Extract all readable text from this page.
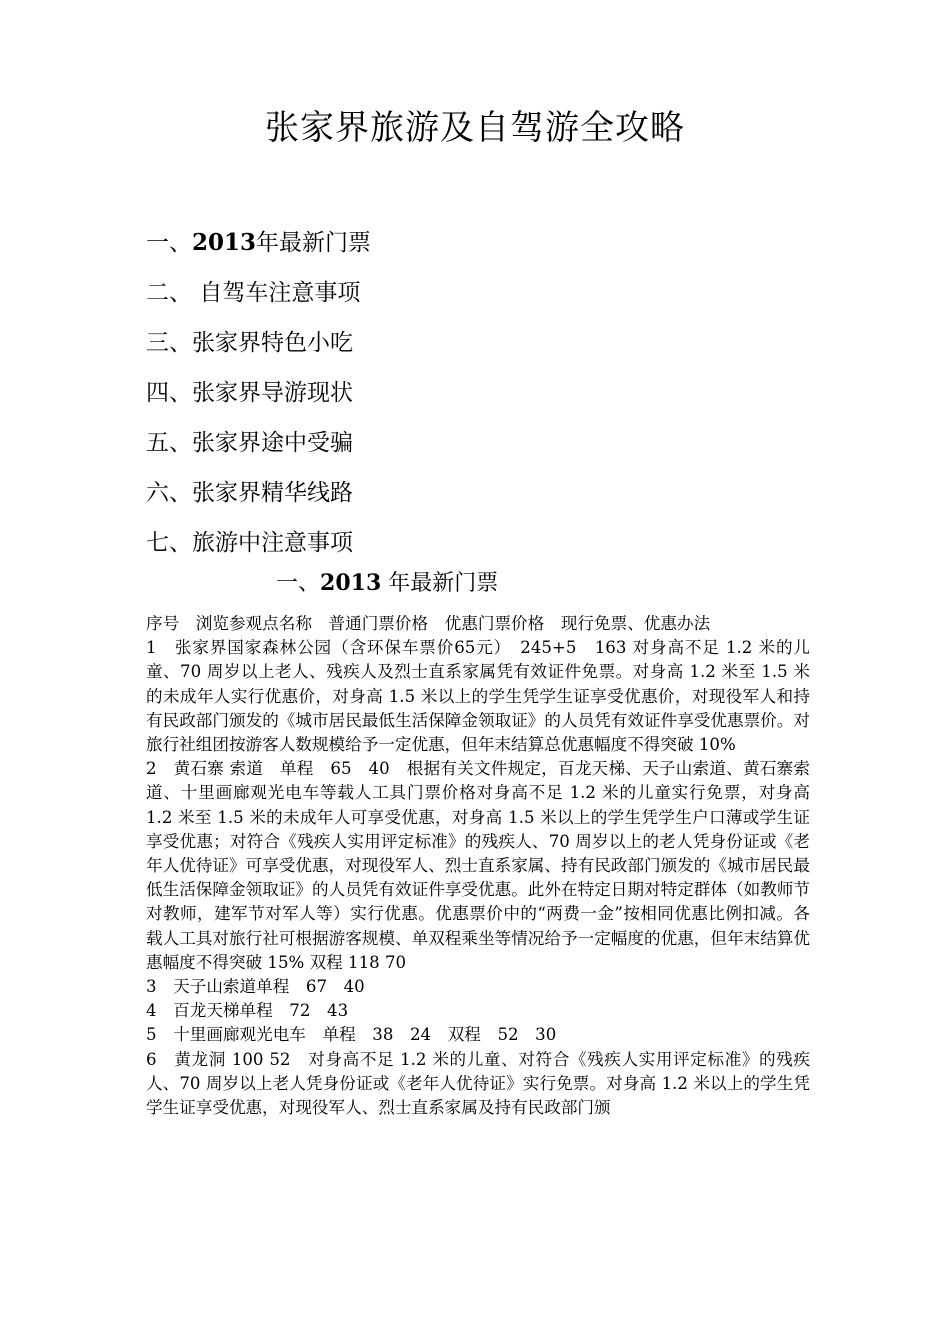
张家界旅游及自驾游全攻略
一、2013年最新门票
二、 自驾车注意事项
三、张家界特色小吃
四、张家界导游现状
五、张家界途中受骗
六、张家界精华线路
七、旅游中注意事项
一、2013 年最新门票

序号　浏览参观点名称　普通门票价格　优惠门票价格　现行免票、优惠办法

1　张家界国家森林公园（含环保车票价65元）　245+5　163 对身高不足 1.2 米的儿童、70 周岁以上老人、残疾人及烈士直系家属凭有效证件免票。对身高 1.2 米至 1.5 米的未成年人实行优惠价，对身高 1.5 米以上的学生凭学生证享受优惠价，对现役军人和持有民政部门颁发的《城市居民最低生活保障金领取证》的人员凭有效证件享受优惠票价。对旅行社组团按游客人数规模给予一定优惠，但年末结算总优惠幅度不得突破 10%

2　黄石寨 索道　单程　65　40　根据有关文件规定，百龙天梯、天子山索道、黄石寨索道、十里画廊观光电车等载人工具门票价格对身高不足 1.2 米的儿童实行免票，对身高 1.2 米至 1.5 米的未成年人可享受优惠，对身高 1.5 米以上的学生凭学生户口薄或学生证享受优惠；对符合《残疾人实用评定标准》的残疾人、70 周岁以上的老人凭身份证或《老年人优待证》可享受优惠，对现役军人、烈士直系家属、持有民政部门颁发的《城市居民最低生活保障金领取证》的人员凭有效证件享受优惠。此外在特定日期对特定群体（如教师节对教师，建军节对军人等）实行优惠。优惠票价中的“两费一金”按相同优惠比例扣减。各载人工具对旅行社可根据游客规模、单双程乘坐等情况给予一定幅度的优惠，但年末结算优惠幅度不得突破 15% 双程 118 70

3　天子山索道单程　67　40

4　百龙天梯单程　72　43

5　十里画廊观光电车　单程　38　24　双程　52　30

6　黄龙洞 100 52　对身高不足 1.2 米的儿童、对符合《残疾人实用评定标准》的残疾人、70 周岁以上老人凭身份证或《老年人优待证》实行免票。对身高 1.2 米以上的学生凭学生证享受优惠，对现役军人、烈士直系家属及持有民政部门颁
